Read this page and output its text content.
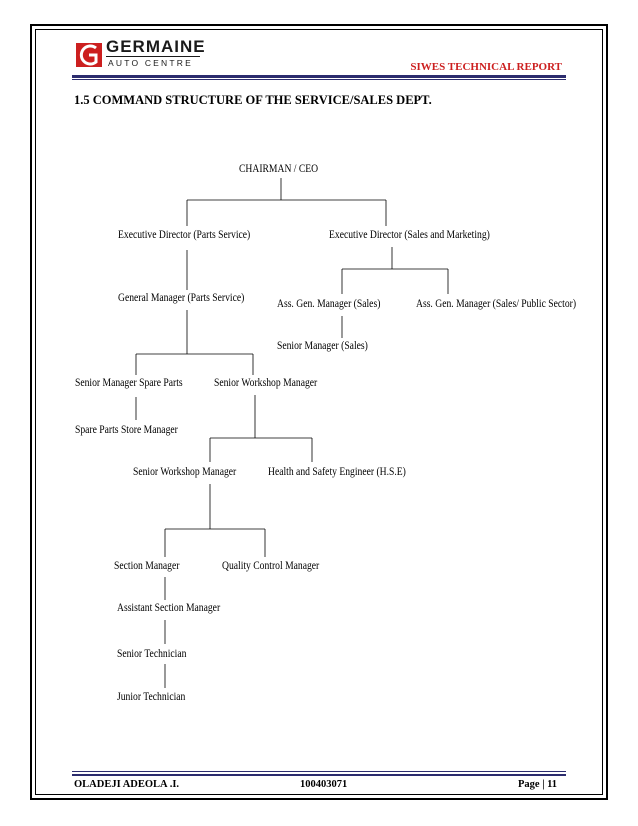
GERMAINE
AUTO CENTRE	SIWES TECHNICAL REPORT
1.5 COMMAND STRUCTURE OF THE SERVICE/SALES DEPT.
CHAIRMAN / CEO
Executive Director (Parts Service)	Executive Director (Sales and Marketing)
General Manager (Parts Service)	Ass. Gen. Manager (Sales)	Ass. Gen. Manager (Sales/ Public Sector)
Senior Manager (Sales)
Senior Manager Spare Parts	Senior Workshop Manager
Spare Parts Store Manager
Senior Workshop Manager	Health and Safety Engineer (H.S.E)
Section Manager	Quality Control Manager
Assistant Section Manager
Senior Technician
Junior Technician
OLADEJI ADEOLA .I.	100403071	Page | 11
